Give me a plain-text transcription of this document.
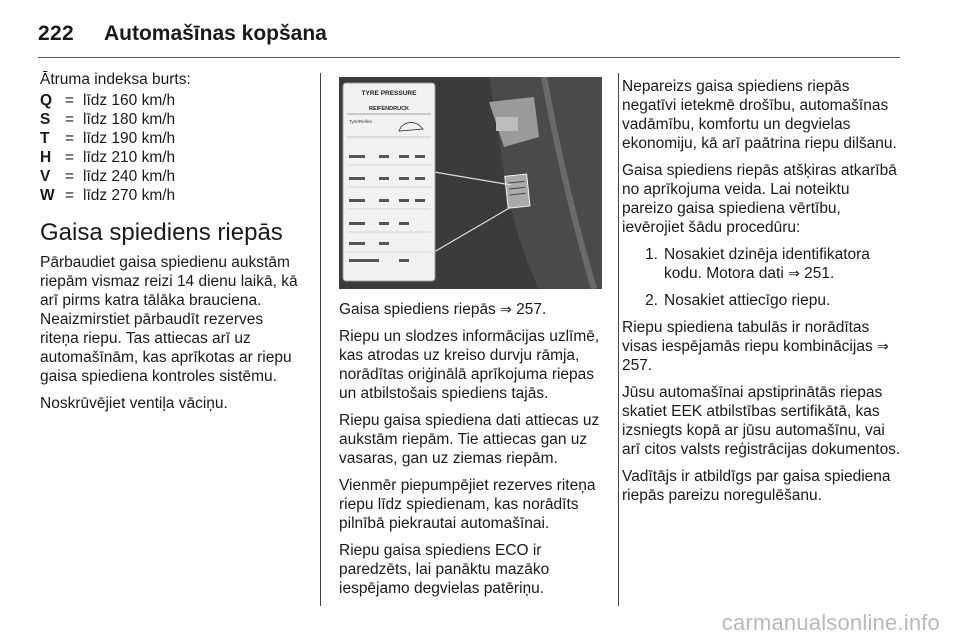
222 Automašīnas kopšana

Ātruma indeksa burts:

Q = līdz 160 km/h
S = līdz 180 km/h
T	= līdz 190 km/h
H = līdz 210 km/h
V = līdz 240 km/h
W = līdz 270 km/h
Gaisa spiediens riepās

Pārbaudiet gaisa spiedienu aukstām riepām vismaz reizi 14 dienu laikā, kā arī pirms katra tālāka brauciena. Neaizmirstiet pārbaudīt rezerves riteņa riepu. Tas attiecas arī uz automašīnām, kas aprīkotas ar riepu gaisa spiediena kontroles sistēmu.

Noskrūvējiet ventiļa vāciņu.

TYRE PRESSURE
REIFENDRUCK
Tyre/Reifen

Gaisa spiediens riepās ⇒ 257.

Riepu un slodzes informācijas uzlīmē, kas atrodas uz kreiso durvju rāmja, norādītas oriģinālā aprīkojuma riepas un atbilstošais spiediens tajās.

Riepu gaisa spiediena dati attiecas uz aukstām riepām. Tie attiecas gan uz vasaras, gan uz ziemas riepām.

Vienmēr piepumpējiet rezerves riteņa riepu līdz spiedienam, kas norādīts pilnībā piekrautai automašīnai.

Riepu gaisa spiediens ECO ir paredzēts, lai panāktu mazāko iespējamo degvielas patēriņu.

Nepareizs gaisa spiediens riepās negatīvi ietekmē drošību, automašīnas vadāmību, komfortu un degvielas ekonomiju, kā arī paātrina riepu dilšanu.

Gaisa spiediens riepās atšķiras atkarībā no aprīkojuma veida. Lai noteiktu pareizo gaisa spiediena vērtību, ievērojiet šādu procedūru:

1. Nosakiet dzinēja identifikatora kodu. Motora dati ⇒ 251.
2. Nosakiet attiecīgo riepu.

Riepu spiediena tabulās ir norādītas visas iespējamās riepu kombinācijas ⇒ 257.

Jūsu automašīnai apstiprinātās riepas skatiet EEK atbilstības sertifikātā, kas izsniegts kopā ar jūsu automašīnu, vai arī citos valsts reģistrācijas dokumentos.

Vadītājs ir atbildīgs par gaisa spiediena riepās pareizu noregulēšanu.

carmanualsonline.info
